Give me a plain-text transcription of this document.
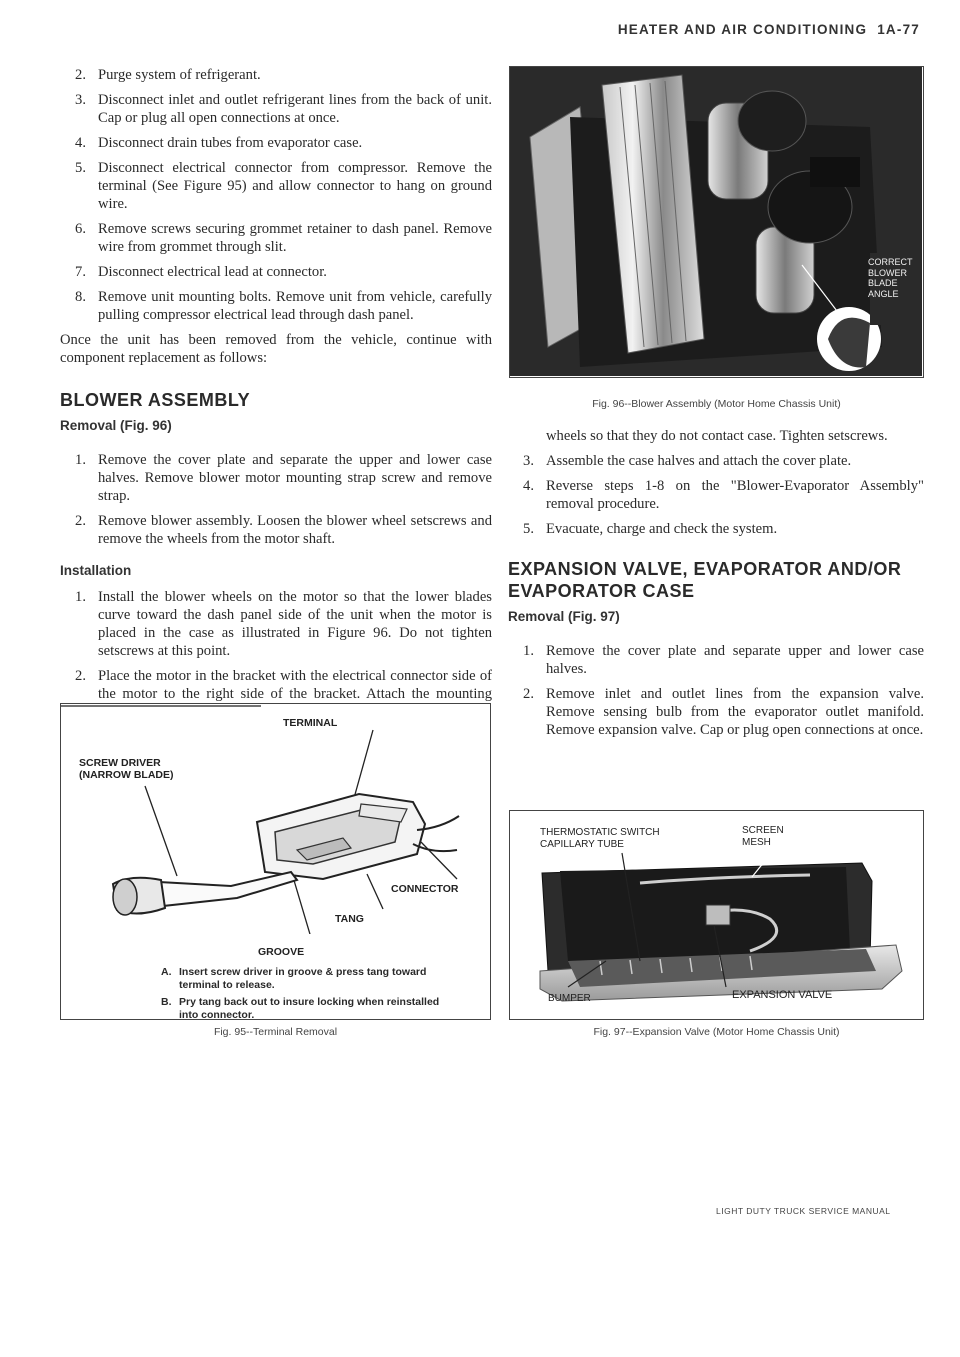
HEATER AND AIR CONDITIONING 1A-77
2. Purge system of refrigerant.
3. Disconnect inlet and outlet refrigerant lines from the back of unit. Cap or plug all open connections at once.
4. Disconnect drain tubes from evaporator case.
5. Disconnect electrical connector from compressor. Remove the terminal (See Figure 95) and allow connector to hang on ground wire.
6. Remove screws securing grommet retainer to dash panel. Remove wire from grommet through slit.
7. Disconnect electrical lead at connector.
8. Remove unit mounting bolts. Remove unit from vehicle, carefully pulling compressor electrical lead through dash panel.

Once the unit has been removed from the vehicle, continue with component replacement as follows:

BLOWER ASSEMBLY
Removal (Fig. 96)
1. Remove the cover plate and separate the upper and lower case halves. Remove blower motor mounting strap screw and remove strap.
2. Remove blower assembly. Loosen the blower wheel setscrews and remove the wheels from the motor shaft.
Installation
1. Install the blower wheels on the motor so that the lower blades curve toward the dash panel side of the unit when the motor is placed in the case as illustrated in Figure 96. Do not tighten setscrews at this point.
2. Place the motor in the bracket with the electrical connector side of the motor to the right side of the bracket. Attach the mounting
TERMINAL
SCREW DRIVER
(NARROW BLADE)
CONNECTOR
TANG
GROOVE
A. Insert screw driver in groove & press tang toward terminal to release.
B. Pry tang back out to insure locking when reinstalled into connector.
Fig. 95--Terminal Removal
CORRECT
BLOWER
BLADE
ANGLE
Fig. 96--Blower Assembly (Motor Home Chassis Unit)
wheels so that they do not contact case. Tighten setscrews.
3. Assemble the case halves and attach the cover plate.
4. Reverse steps 1-8 on the "Blower-Evaporator Assembly" removal procedure.
5. Evacuate, charge and check the system.
EXPANSION VALVE, EVAPORATOR AND/OR EVAPORATOR CASE
Removal (Fig. 97)
1. Remove the cover plate and separate upper and lower case halves.
2. Remove inlet and outlet lines from the expansion valve. Remove sensing bulb from the evaporator outlet manifold. Remove expansion valve. Cap or plug open connections at once.
THERMOSTATIC SWITCH
CAPILLARY TUBE
SCREEN
MESH
BUMPER	EXPANSION VALVE
Fig. 97--Expansion Valve (Motor Home Chassis Unit)
LIGHT DUTY TRUCK SERVICE MANUAL
